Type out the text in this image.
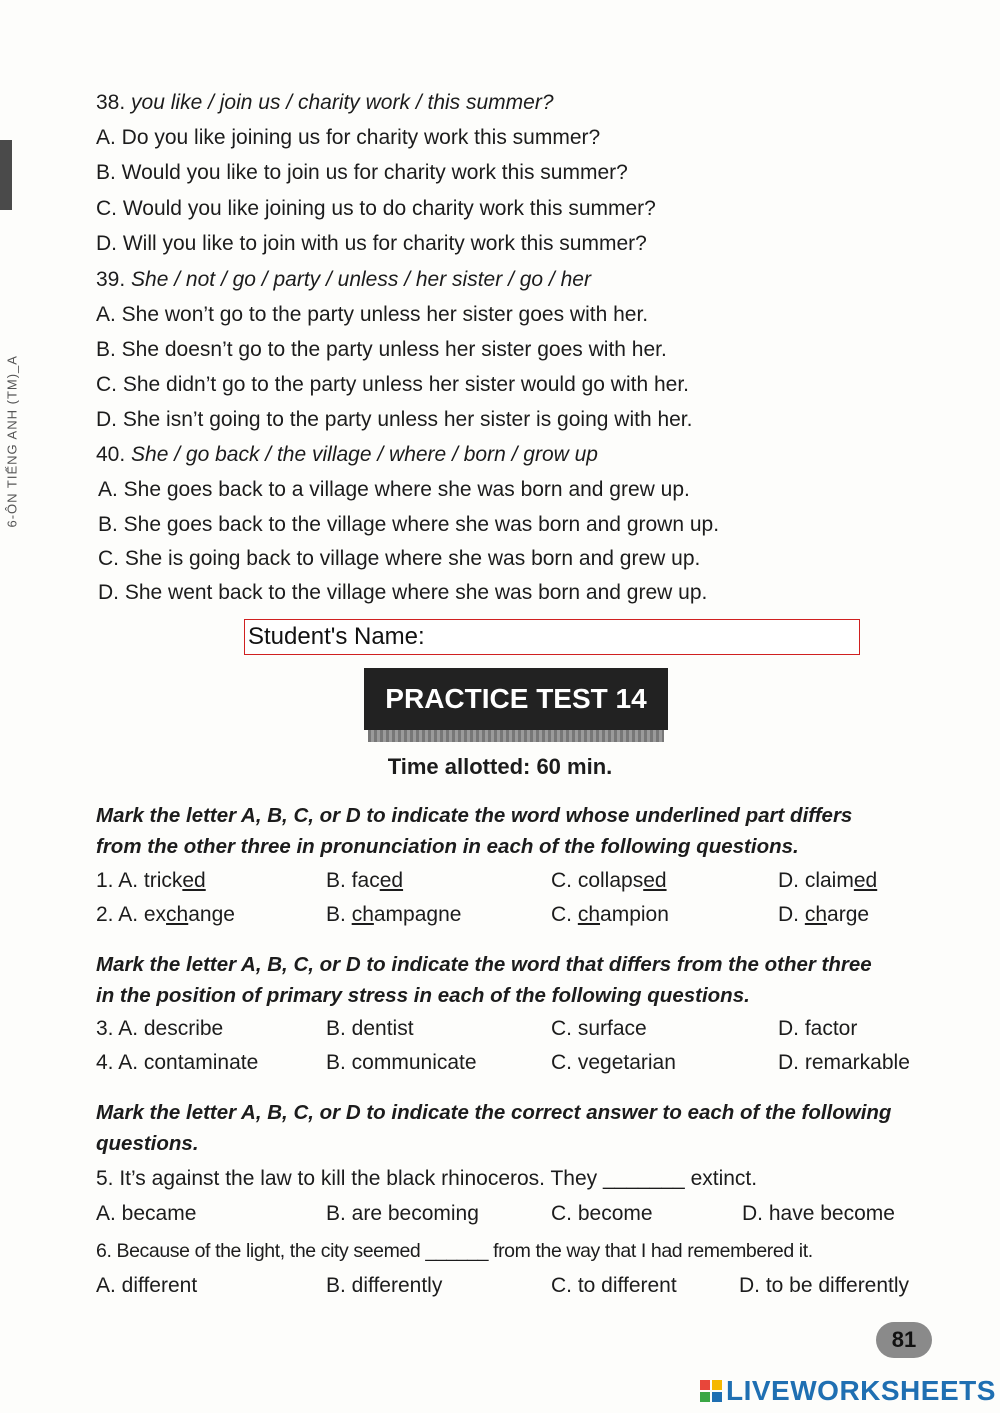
6-ÔN TIẾNG ANH (TM)_A
38. you like / join us / charity work / this summer?
A. Do you like joining us for charity work this summer?
B. Would you like to join us for charity work this summer?
C. Would you like joining us to do charity work this summer?
D. Will you like to join with us for charity work this summer?
39. She / not / go / party / unless / her sister / go / her
A. She won’t go to the party unless her sister goes with her.
B. She doesn’t go to the party unless her sister goes with her.
C. She didn’t go to the party unless her sister would go with her.
D. She isn’t going to the party unless her sister is going with her.
40. She / go back / the village / where / born / grow up
A. She goes back to a village where she was born and grew up.
B. She goes back to the village where she was born and grown up.
C. She is going back to village where she was born and grew up.
D. She went back to the village where she was born and grew up.
Student's Name:
PRACTICE TEST 14
Time allotted: 60 min.
Mark the letter A, B, C, or D to indicate the word whose underlined part differs
from the other three in pronunciation in each of the following questions.
1. A. tricked	B. faced	C. collapsed	D. claimed
2. A. exchange	B. champagne	C. champion	D. charge
Mark the letter A, B, C, or D to indicate the word that differs from the other three
in the position of primary stress in each of the following questions.
3. A. describe	B. dentist	C. surface	D. factor
4. A. contaminate	B. communicate	C. vegetarian	D. remarkable
Mark the letter A, B, C, or D to indicate the correct answer to each of the following
questions.
5. It’s against the law to kill the black rhinoceros. They _______ extinct.
A. became	B. are becoming	C. become	D. have become
6. Because of the light, the city seemed ______ from the way that I had remembered it.
A. different	B. differently	C. to different	D. to be differently
81
LIVEWORKSHEETS
